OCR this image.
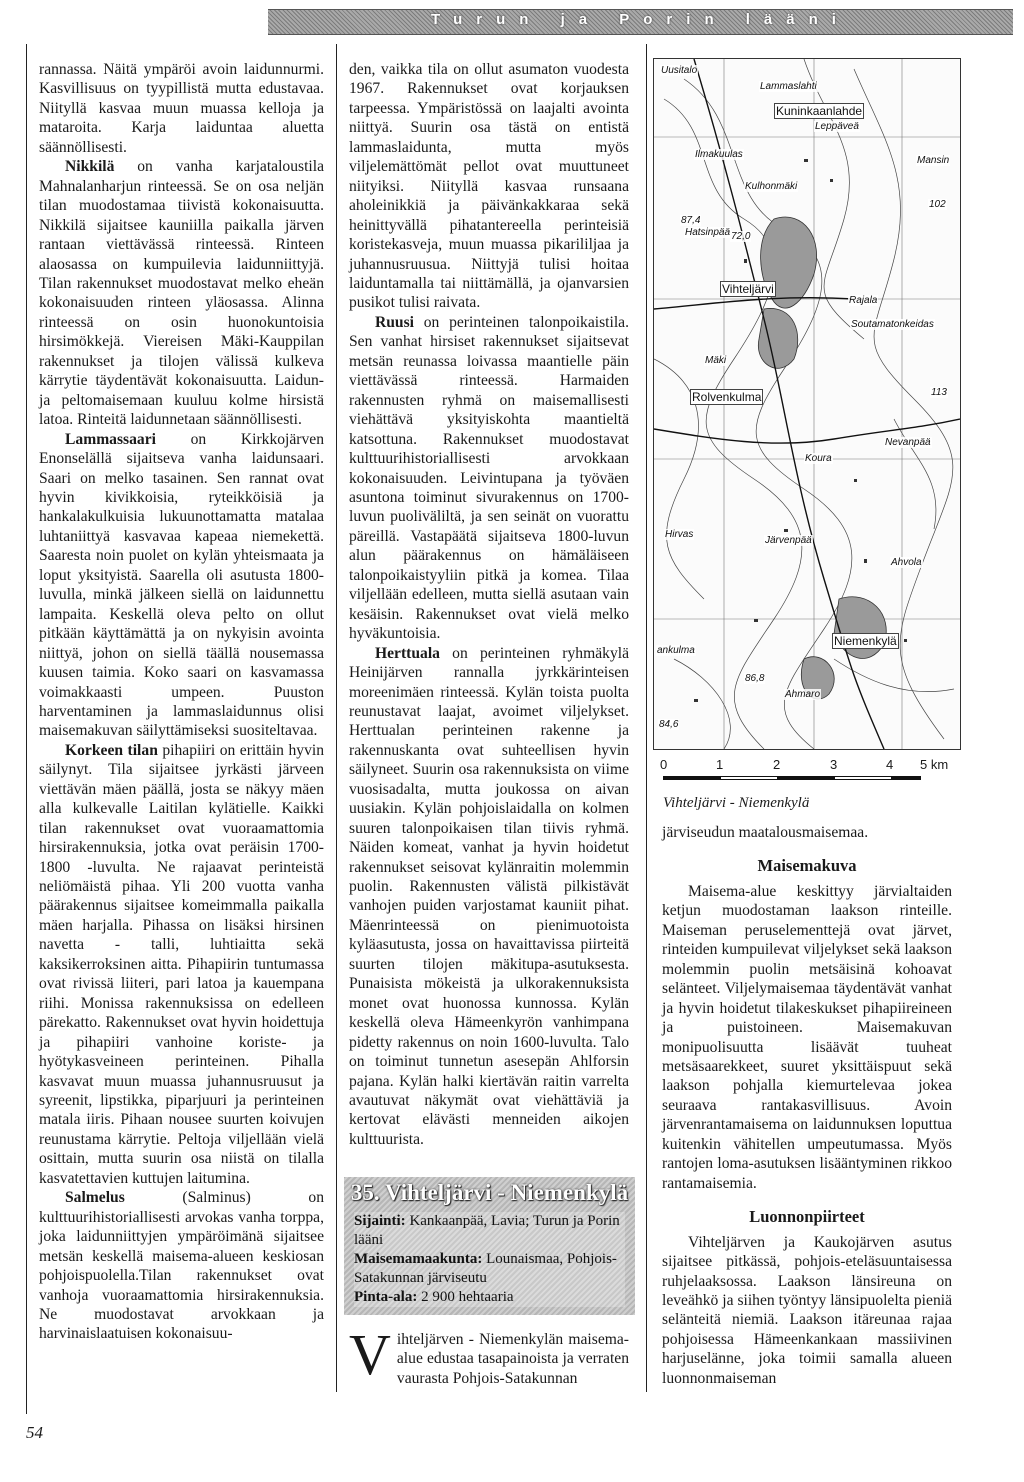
Turun ja Porin lääni

rannassa. Näitä ympäröi avoin laidunnurmi. Kasvillisuus on tyypillistä mutta edustavaa. Niityllä kasvaa muun muassa kelloja ja mataroita. Karja laiduntaa aluetta säännöllisesti.

Nikkilä on vanha karjataloustila Mahnalanharjun rinteessä. Se on osa neljän tilan muodostamaa tiivistä kokonaisuutta. Nikkilä sijaitsee kauniilla paikalla järven rantaan viettävässä rinteessä. Rinteen alaosassa on kumpuilevia laidunniittyjä. Tilan rakennukset muodostavat melko eheän kokonaisuuden rinteen yläosassa. Alinna rinteessä on osin huonokuntoisia hirsimökkejä. Viereisen Mäki-Kauppilan rakennukset ja tilojen välissä kulkeva kärrytie täydentävät kokonaisuutta. Laidun- ja peltomaisemaan kuuluu kolme hirsistä latoa. Rinteitä laidunnetaan säännöllisesti.

Lammassaari on Kirkkojärven Enonselällä sijaitseva vanha laidunsaari. Saari on melko tasainen. Sen rannat ovat hyvin kivikkoisia, ryteikköisiä ja hankalakulkuisia lukuunottamatta matalaa luhtaniittyä kasvavaa kapeaa niemekettä. Saaresta noin puolet on kylän yhteismaata ja loput yksityistä. Saarella oli asutusta 1800-luvulla, minkä jälkeen siellä on laidunnettu lampaita. Keskellä oleva pelto on ollut pitkään käyttämättä ja on nykyisin avointa niittyä, johon on siellä täällä nousemassa kuusen taimia. Koko saari on kasvamassa voimakkaasti umpeen. Puuston harventaminen ja lammaslaidunnus olisi maisemakuvan säilyttämiseksi suositeltavaa.

Korkeen tilan pihapiiri on erittäin hyvin säilynyt. Tila sijaitsee jyrkästi järveen viettävän mäen päällä, josta se näkyy mäen alla kulkevalle Laitilan kylätielle. Kaikki tilan rakennukset ovat vuoraamattomia hirsirakennuksia, jotka ovat peräisin 1700-1800 -luvulta. Ne rajaavat perinteistä neliömäistä pihaa. Yli 200 vuotta vanha päärakennus sijaitsee komeimmalla paikalla mäen harjalla. Pihassa on lisäksi hirsinen navetta - talli, luhtiaitta sekä kaksikerroksinen aitta. Pihapiirin tuntumassa ovat rivissä liiteri, pari latoa ja kauempana riihi. Monissa rakennuksissa on edelleen pärekatto. Rakennukset ovat hyvin hoidettuja ja pihapiiri vanhoine koriste- ja hyötykasveineen perinteinen. Pihalla kasvavat muun muassa juhannusruusut ja syreenit, lipstikka, piparjuuri ja perinteinen matala iiris. Pihaan nousee suurten koivujen reunustama kärrytie. Peltoja viljellään vielä osittain, mutta suurin osa niistä on tilalla kasvatettavien kuttujen laitumina.

Salmelus (Salminus) on kulttuurihistoriallisesti arvokas vanha torppa, joka laidunniittyjen ympäröimänä sijaitsee metsän keskellä maisema-alueen keskiosan pohjoispuolella.Tilan rakennukset ovat vanhoja vuoraamattomia hirsirakennuksia. Ne muodostavat arvokkaan ja harvinaislaatuisen kokonaisuu-

den, vaikka tila on ollut asumaton vuodesta 1967. Rakennukset ovat korjauksen tarpeessa. Ympäristössä on laajalti avointa niittyä. Suurin osa tästä on entistä lammaslaidunta, mutta myös viljelemättömät pellot ovat muuttuneet niityiksi. Niityllä kasvaa runsaana aholeinikkiä ja päivänkakkaraa sekä heinittyvällä pihatantereella perinteisiä koristekasveja, muun muassa pikarililjaa ja juhannusruusua. Niittyjä tulisi hoitaa laiduntamalla tai niittämällä, ja ojanvarsien pusikot tulisi raivata.

Ruusi on perinteinen talonpoikaistila. Sen vanhat hirsiset rakennukset sijaitsevat metsän reunassa loivassa maantielle päin viettävässä rinteessä. Harmaiden rakennusten ryhmä on maisemallisesti viehättävä yksityiskohta maantieltä katsottuna. Rakennukset muodostavat kulttuurihistoriallisesti arvokkaan kokonaisuuden. Leivintupana ja työväen asuntona toiminut sivurakennus on 1700-luvun puoliväliltä, ja sen seinät on vuorattu päreillä. Vastapäätä sijaitseva 1800-luvun alun päärakennus on hämäläiseen talonpoikaistyyliin pitkä ja komea. Tilaa viljellään edelleen, mutta siellä asutaan vain kesäisin. Rakennukset ovat vielä melko hyväkuntoisia.

Herttuala on perinteinen ryhmäkylä Heinijärven rannalla jyrkkärinteisen moreenimäen rinteessä. Kylän toista puolta reunustavat laajat, avoimet viljelykset. Herttualan perinteinen rakenne ja rakennuskanta ovat suhteellisen hyvin säilyneet. Suurin osa rakennuksista on viime vuosisadalta, mutta joukossa on aivan uusiakin. Kylän pohjoislaidalla on kolmen suuren talonpoikaisen tilan tiivis ryhmä. Näiden komeat, vanhat ja hyvin hoidetut rakennukset seisovat kylänraitin molemmin puolin. Rakennusten välistä pilkistävät vanhojen puiden varjostamat kauniit pihat. Mäenrinteessä on pienimuotoista kyläasutusta, jossa on havaittavissa piirteitä suurten tilojen mäkitupa-asutuksesta. Punaisista mökeistä ja ulkorakennuksista monet ovat huonossa kunnossa. Kylän keskellä oleva Hämeenkyrön vanhimpana pidetty rakennus on noin 1600-luvulta. Talo on toiminut tunnetun asesepän Ahlforsin pajana. Kylän halki kiertävän raitin varrelta avautuvat näkymät ovat viehättäviä ja kertovat elävästi menneiden aikojen kulttuurista.

35. Vihteljärvi - Niemenkylä
Sijainti: Kankaanpää, Lavia; Turun ja Porin lääni
Maisemamaakunta: Lounaismaa, Pohjois-Satakunnan järviseutu
Pinta-ala: 2 900 hehtaaria
V ihteljärven - Niemenkylän maisema-alue edustaa tasapainoista ja verraten vaurasta Pohjois-Satakunnan
Uusitalo
Lammaslahti
Kuninkaanlahde
Leppäveä
Mansin
Ilmakuulas
Kulhonmäki
Hatsinpää 72,0
Vihteljärvi
Rajala
Soutamatonkeidas
Mäki
Rolvenkulma
Koura
Nevanpää
Hirvas
Järvenpää
Ahvola
Niemenkylä
ankulma
86,8
Ahmaro
84,6
102
87,4
113
0	1	2	3	4 5 km
Vihteljärvi - Niemenkylä

järviseudun maatalousmaisemaa.

Maisemakuva

Maisema-alue keskittyy järvialtaiden ketjun muodostaman laakson rinteille. Maiseman peruselementtejä ovat järvet, rinteiden kumpuilevat viljelykset sekä laakson molemmin puolin metsäisinä kohoavat selänteet. Viljelymaisemaa täydentävät vanhat ja hyvin hoidetut tilakeskukset pihapiireineen ja puistoineen. Maisemakuvan monipuolisuutta lisäävät tuuheat metsäsaarekkeet, suuret yksittäispuut sekä laakson pohjalla kiemurtelevaa jokea seuraava rantakasvillisuus. Avoin järvenrantamaisema on laidunnuksen loputtua kuitenkin vähitellen umpeutumassa. Myös rantojen loma-asutuksen lisääntyminen rikkoo rantamaisemia.

Luonnonpiirteet

Vihteljärven ja Kaukojärven asutus sijaitsee pitkässä, pohjois-eteläsuuntaisessa ruhjelaaksossa. Laakson länsireuna on leveähkö ja siihen työntyy länsipuolelta pieniä selänteitä niemiä. Laakson itäreunaa rajaa pohjoisessa Hämeenkankaan massiivinen harjuselänne, joka toimii samalla alueen luonnonmaiseman

54
